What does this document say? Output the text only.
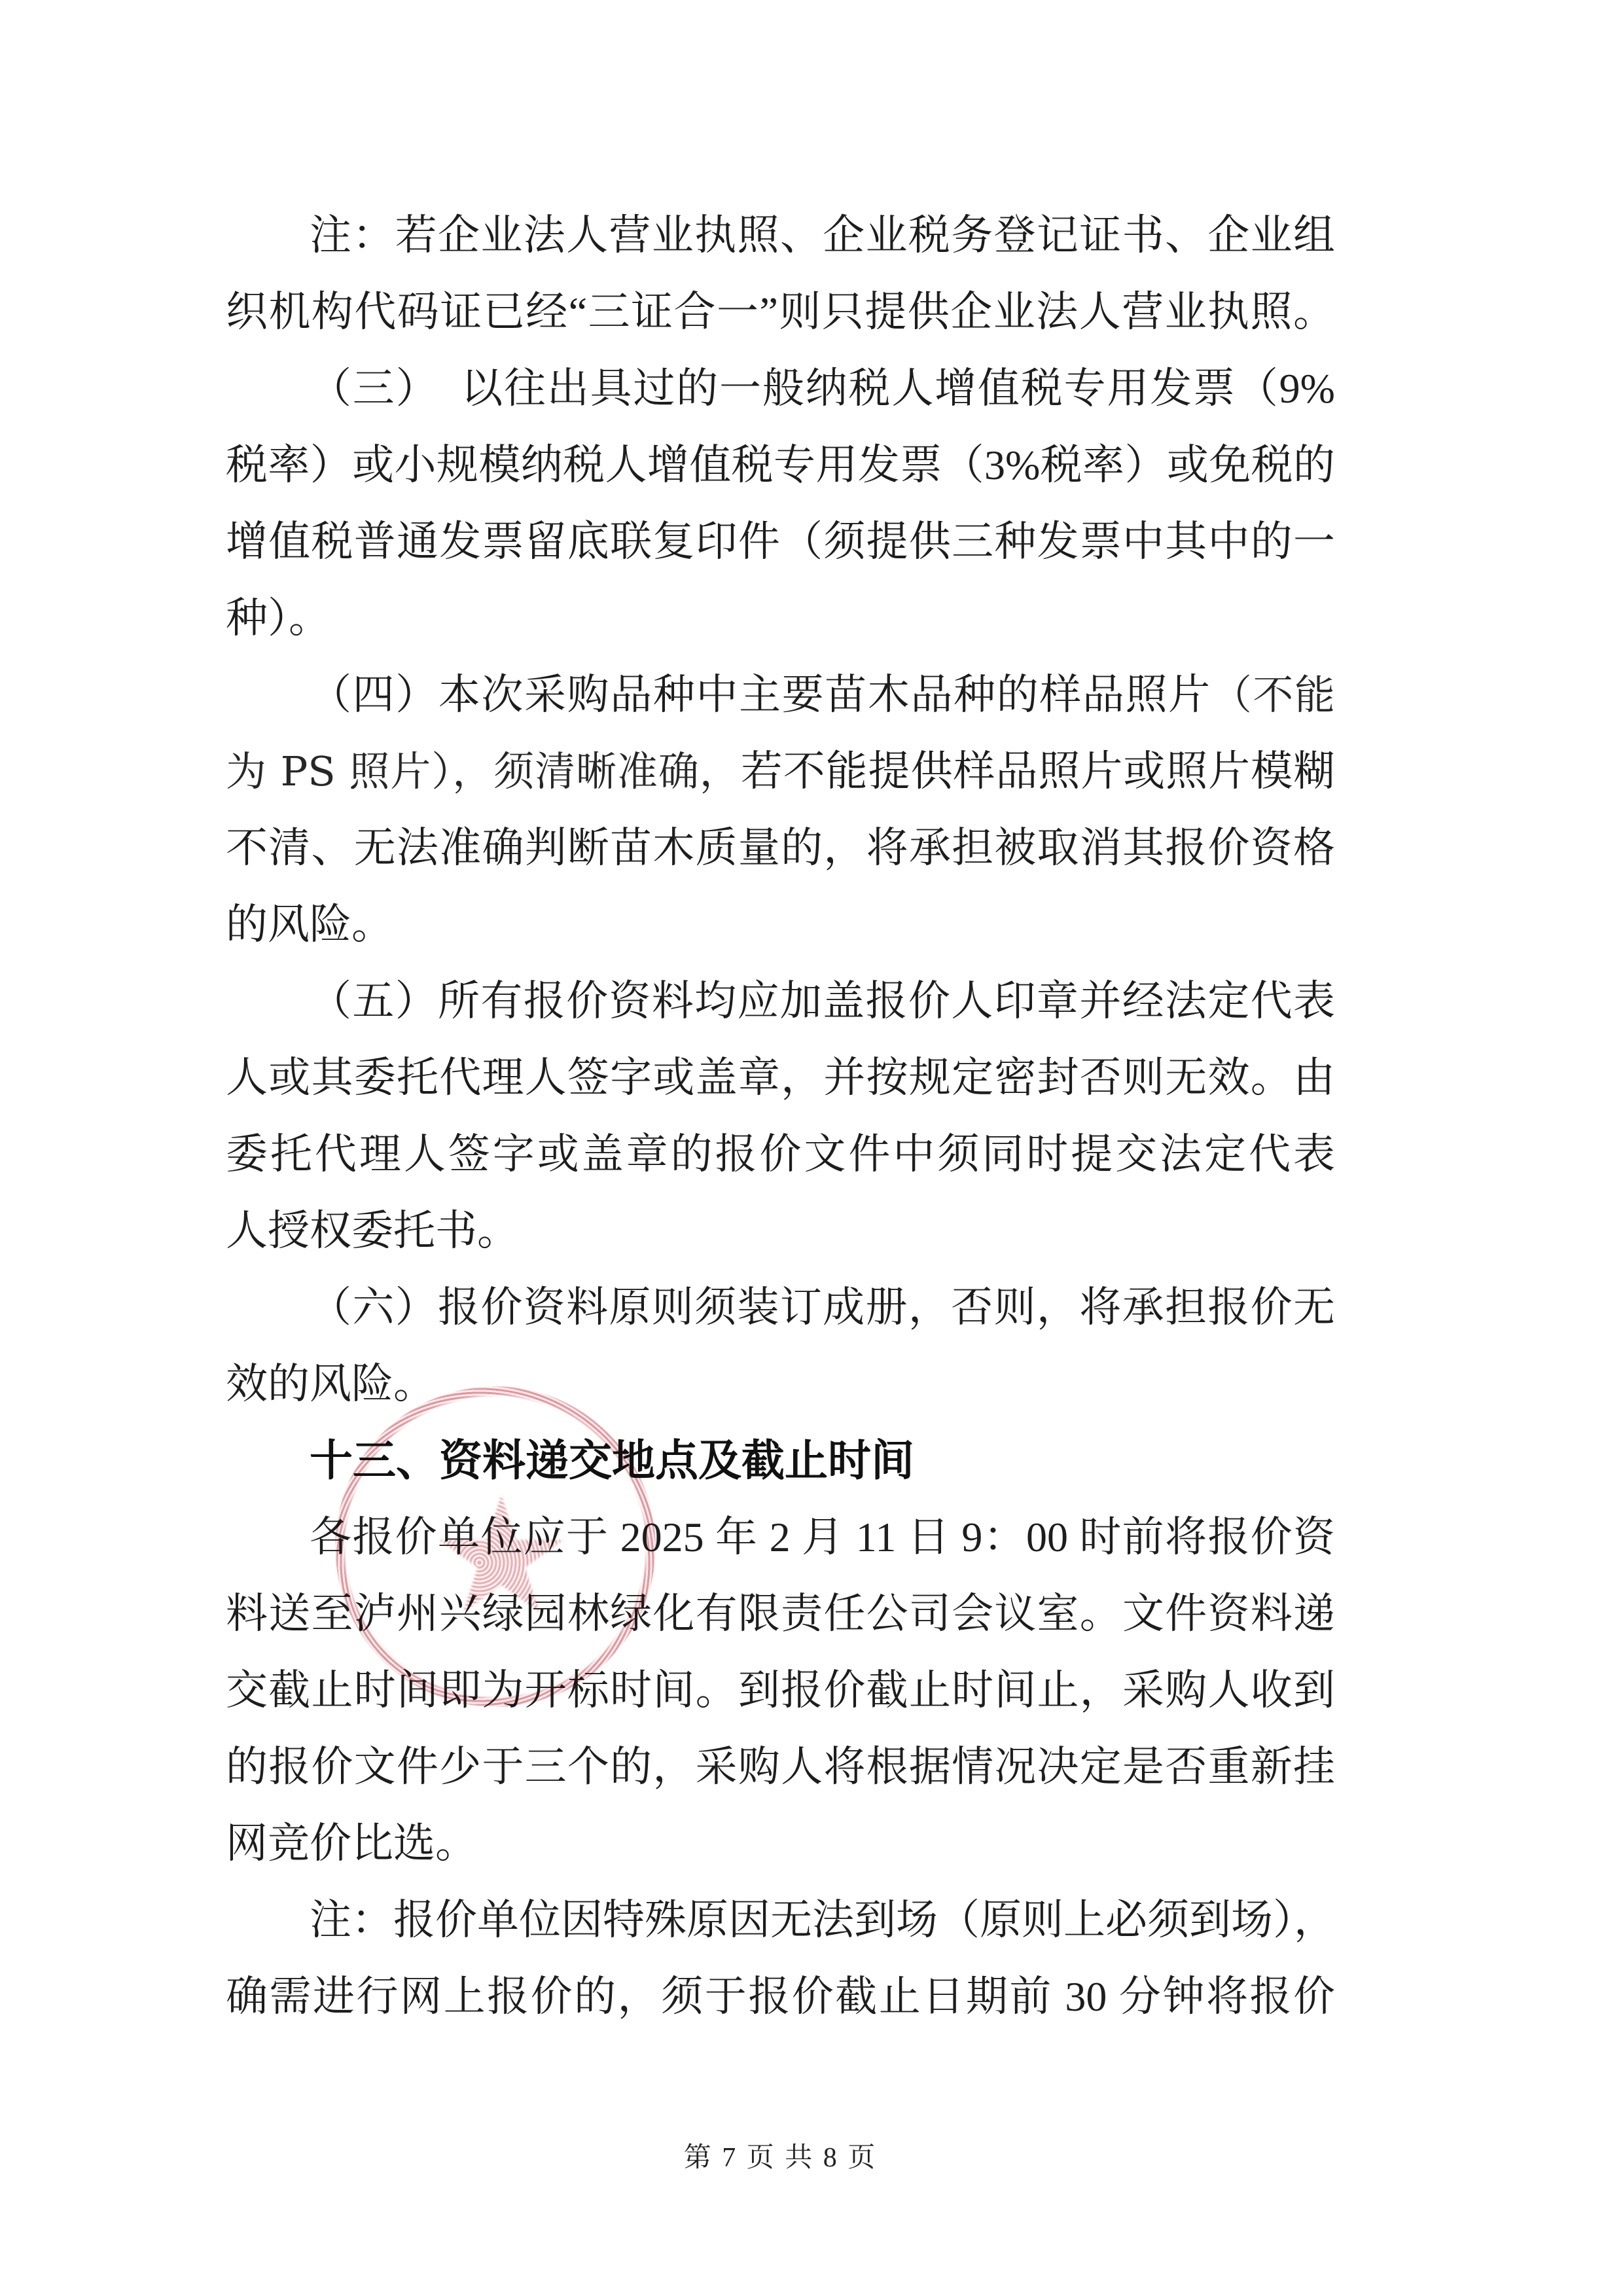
注：若企业法人营业执照、企业税务登记证书、企业组
织机构代码证已经“三证合一”则只提供企业法人营业执照。
（三）　以往出具过的一般纳税人增值税专用发票（9%
税率）或小规模纳税人增值税专用发票（3%税率）或免税的
增值税普通发票留底联复印件（须提供三种发票中其中的一
种）。
（四）本次采购品种中主要苗木品种的样品照片（不能
为 PS 照片），须清晰准确，若不能提供样品照片或照片模糊
不清、无法准确判断苗木质量的，将承担被取消其报价资格
的风险。
（五）所有报价资料均应加盖报价人印章并经法定代表
人或其委托代理人签字或盖章，并按规定密封否则无效。由
委托代理人签字或盖章的报价文件中须同时提交法定代表
人授权委托书。
（六）报价资料原则须装订成册，否则，将承担报价无
效的风险。
十三、资料递交地点及截止时间
各报价单位应于 2025 年 2 月 11 日 9：00 时前将报价资
料送至泸州兴绿园林绿化有限责任公司会议室。文件资料递
交截止时间即为开标时间。到报价截止时间止，采购人收到
的报价文件少于三个的，采购人将根据情况决定是否重新挂
网竞价比选。
注：报价单位因特殊原因无法到场（原则上必须到场），
确需进行网上报价的，须于报价截止日期前 30 分钟将报价
第 7 页 共 8 页
